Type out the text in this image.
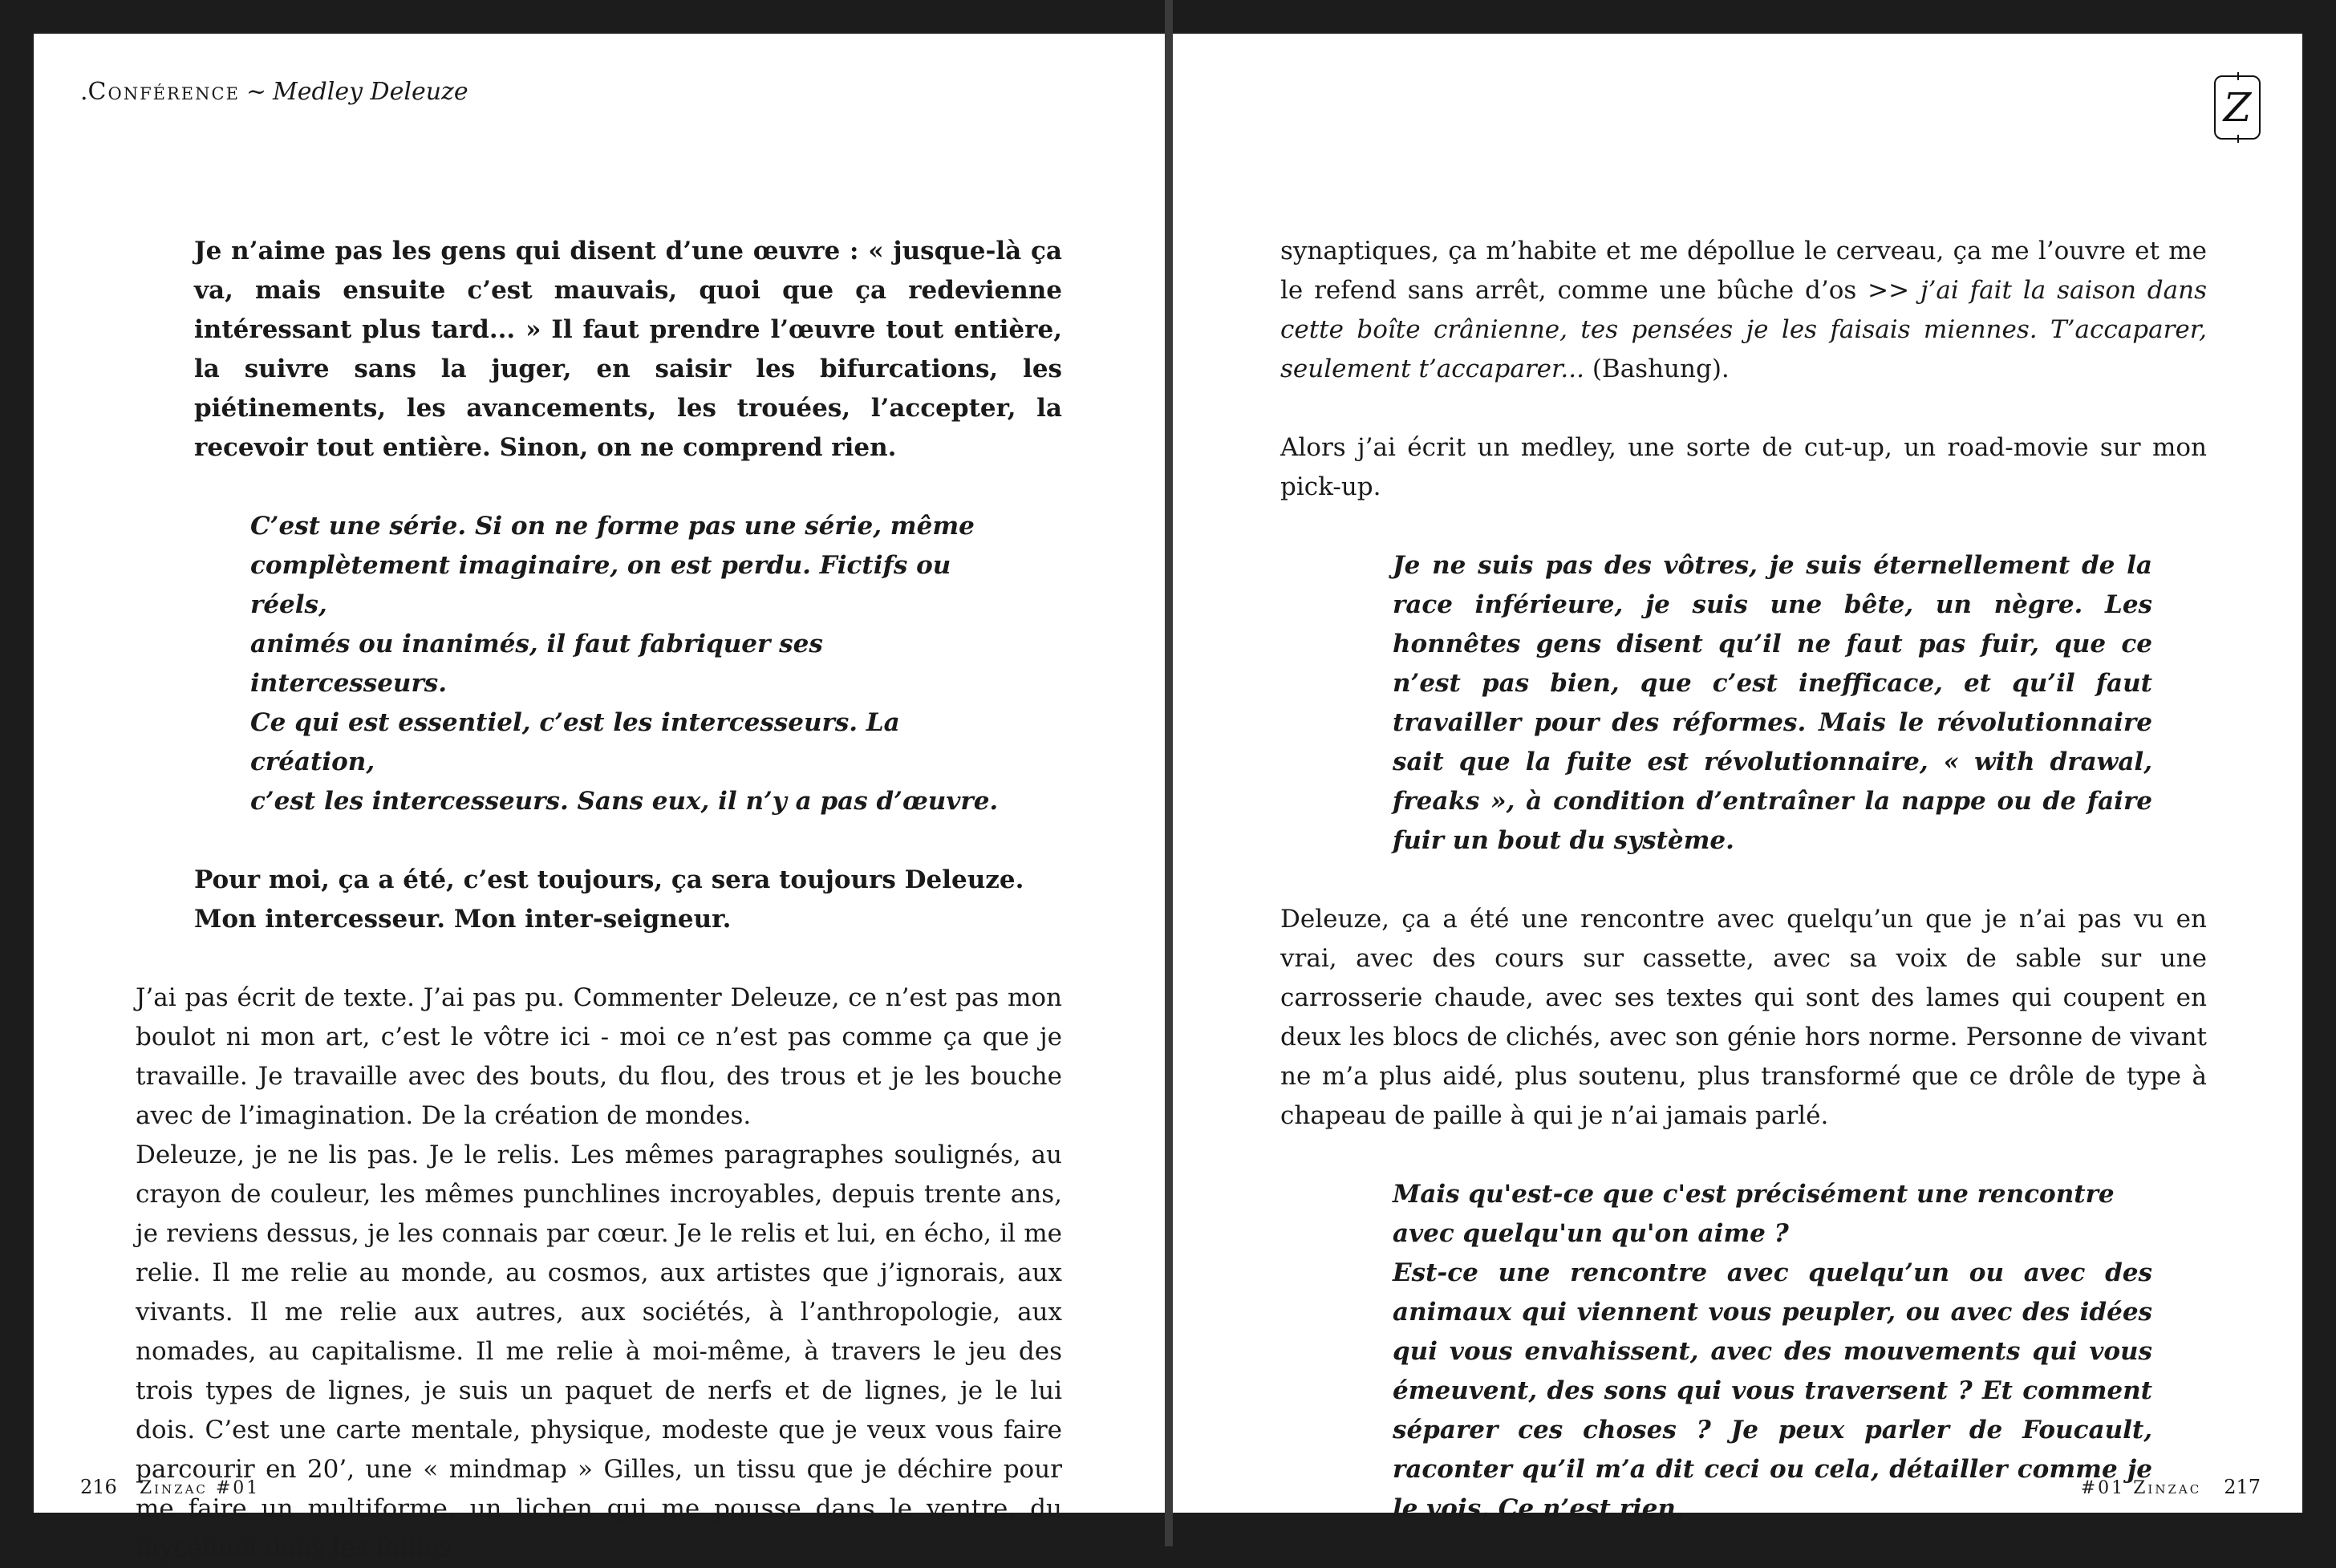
.Conférence ~ Medley Deleuze

Je n’aime pas les gens qui disent d’une œuvre : « jusque-là ça va, mais ensuite c’est mauvais, quoi que ça redevienne intéressant plus tard... » Il faut prendre l’œuvre tout entière, la suivre sans la juger, en saisir les bifurcations, les piétinements, les avancements, les trouées, l’accepter, la recevoir tout entière. Sinon, on ne comprend rien.

C’est une série. Si on ne forme pas une série, même
complètement imaginaire, on est perdu. Fictifs ou réels,
animés ou inanimés, il faut fabriquer ses intercesseurs.
Ce qui est essentiel, c’est les intercesseurs. La création,
c’est les intercesseurs. Sans eux, il n’y a pas d’œuvre.
Pour moi, ça a été, c’est toujours, ça sera toujours Deleuze.
Mon intercesseur. Mon inter-seigneur.

J’ai pas écrit de texte. J’ai pas pu. Commenter Deleuze, ce n’est pas mon boulot ni mon art, c’est le vôtre ici - moi ce n’est pas comme ça que je travaille. Je travaille avec des bouts, du flou, des trous et je les bouche avec de l’imagination. De la création de mondes.

Deleuze, je ne lis pas. Je le relis. Les mêmes paragraphes soulignés, au crayon de couleur, les mêmes punchlines incroyables, depuis trente ans, je reviens dessus, je les connais par cœur. Je le relis et lui, en écho, il me relie. Il me relie au monde, au cosmos, aux artistes que j’ignorais, aux vivants. Il me relie aux autres, aux sociétés, à l’anthropologie, aux nomades, au capitalisme. Il me relie à moi-même, à travers le jeu des trois types de lignes, je suis un paquet de nerfs et de lignes, je le lui dois. C’est une carte mentale, physique, modeste que je veux vous faire parcourir en 20’, une « mindmap » Gilles, un tissu que je déchire pour me faire un multiforme, un lichen qui me pousse dans le ventre, du mycélium dans les failles

216 Zinzac #01
Z

synaptiques, ça m’habite et me dépollue le cerveau, ça me l’ouvre et me le refend sans arrêt, comme une bûche d’os >> j’ai fait la saison dans cette boîte crânienne, tes pensées je les faisais miennes. T’accaparer, seulement t’accaparer... (Bashung).

Alors j’ai écrit un medley, une sorte de cut-up, un road-movie sur mon pick-up.

Je ne suis pas des vôtres, je suis éternellement de la race inférieure, je suis une bête, un nègre. Les honnêtes gens disent qu’il ne faut pas fuir, que ce n’est pas bien, que c’est inefficace, et qu’il faut travailler pour des réformes. Mais le révolutionnaire sait que la fuite est révolutionnaire, « with drawal, freaks », à condition d’entraîner la nappe ou de faire fuir un bout du système.

Deleuze, ça a été une rencontre avec quelqu’un que je n’ai pas vu en vrai, avec des cours sur cassette, avec sa voix de sable sur une carrosserie chaude, avec ses textes qui sont des lames qui coupent en deux les blocs de clichés, avec son génie hors norme. Personne de vivant ne m’a plus aidé, plus soutenu, plus transformé que ce drôle de type à chapeau de paille à qui je n’ai jamais parlé.

Mais qu'est-ce que c'est précisément une rencontre avec quelqu'un qu'on aime ?

Est-ce une rencontre avec quelqu’un ou avec des animaux qui viennent vous peupler, ou avec des idées qui vous envahissent, avec des mouvements qui vous émeuvent, des sons qui vous traversent ? Et comment séparer ces choses ? Je peux parler de Foucault, raconter qu’il m’a dit ceci ou cela, détailler comme je le vois. Ce n’est rien,

#01 Zinzac 217
